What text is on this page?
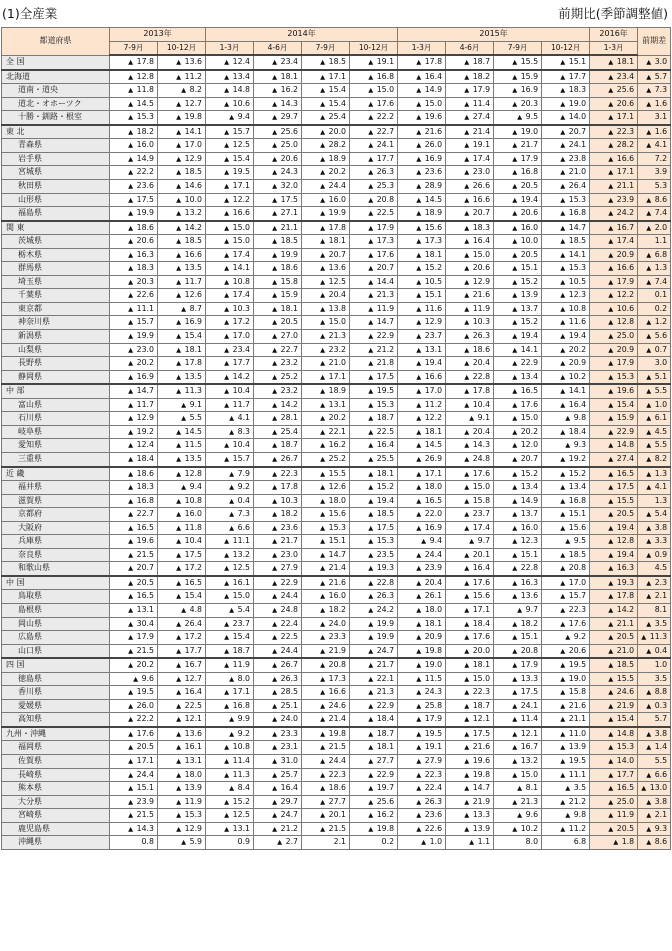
(1)全産業	前期比(季節調整値)
都道府県	2013年		2014年				2015年				2016年	前期差
	7-9月	10-12月	1-3月	4-6月	7-9月	10-12月	1-3月	4-6月	7-9月	10-12月	1-3月	
全 国	▲ 17.8	▲ 13.6	▲ 12.4	▲ 23.4	▲ 18.5	▲ 19.1	▲ 17.8	▲ 18.7	▲ 15.5	▲ 15.1	▲ 18.1	▲ 3.0
北海道	▲ 12.8	▲ 11.2	▲ 13.4	▲ 18.1	▲ 17.1	▲ 16.8	▲ 16.4	▲ 18.2	▲ 15.9	▲ 17.7	▲ 23.4	▲ 5.7
道南・道央	▲ 11.8	▲ 8.2	▲ 14.8	▲ 16.2	▲ 15.4	▲ 15.0	▲ 14.9	▲ 17.9	▲ 16.9	▲ 18.3	▲ 25.6	▲ 7.3
道北・オホーツク	▲ 14.5	▲ 12.7	▲ 10.6	▲ 14.3	▲ 15.4	▲ 17.6	▲ 15.0	▲ 11.4	▲ 20.3	▲ 19.0	▲ 20.6	▲ 1.6
十勝・釧路・根室	▲ 15.3	▲ 19.8	▲ 9.4	▲ 29.7	▲ 25.4	▲ 22.2	▲ 19.6	▲ 27.4	▲ 9.5	▲ 14.0	▲ 17.1	3.1
東 北	▲ 18.2	▲ 14.1	▲ 15.7	▲ 25.6	▲ 20.0	▲ 22.7	▲ 21.6	▲ 21.4	▲ 19.0	▲ 20.7	▲ 22.3	▲ 1.6
青森県	▲ 16.0	▲ 17.0	▲ 12.5	▲ 25.0	▲ 28.2	▲ 24.1	▲ 26.0	▲ 19.1	▲ 21.7	▲ 24.1	▲ 28.2	▲ 4.1
岩手県	▲ 14.9	▲ 12.9	▲ 15.4	▲ 20.6	▲ 18.9	▲ 17.7	▲ 16.9	▲ 17.4	▲ 17.9	▲ 23.8	▲ 16.6	7.2
宮城県	▲ 22.2	▲ 18.5	▲ 19.5	▲ 24.3	▲ 20.2	▲ 26.3	▲ 23.6	▲ 23.0	▲ 16.8	▲ 21.0	▲ 17.1	3.9
秋田県	▲ 23.6	▲ 14.6	▲ 17.1	▲ 32.0	▲ 24.4	▲ 25.3	▲ 28.9	▲ 26.6	▲ 20.5	▲ 26.4	▲ 21.1	5.3
山形県	▲ 17.5	▲ 10.0	▲ 12.2	▲ 17.5	▲ 16.0	▲ 20.8	▲ 14.5	▲ 16.6	▲ 19.4	▲ 15.3	▲ 23.9	▲ 8.6
福島県	▲ 19.9	▲ 13.2	▲ 16.6	▲ 27.1	▲ 19.9	▲ 22.5	▲ 18.9	▲ 20.7	▲ 20.6	▲ 16.8	▲ 24.2	▲ 7.4
関 東	▲ 18.6	▲ 14.2	▲ 15.0	▲ 21.1	▲ 17.8	▲ 17.9	▲ 15.6	▲ 18.3	▲ 16.0	▲ 14.7	▲ 16.7	▲ 2.0
茨城県	▲ 20.6	▲ 18.5	▲ 15.0	▲ 18.5	▲ 18.1	▲ 17.3	▲ 17.3	▲ 16.4	▲ 10.0	▲ 18.5	▲ 17.4	1.1
栃木県	▲ 16.3	▲ 16.6	▲ 17.4	▲ 19.9	▲ 20.7	▲ 17.6	▲ 18.1	▲ 15.0	▲ 20.5	▲ 14.1	▲ 20.9	▲ 6.8
群馬県	▲ 18.3	▲ 13.5	▲ 14.1	▲ 18.6	▲ 13.6	▲ 20.7	▲ 15.2	▲ 20.6	▲ 15.1	▲ 15.3	▲ 16.6	▲ 1.3
埼玉県	▲ 20.3	▲ 11.7	▲ 10.8	▲ 15.8	▲ 12.5	▲ 14.4	▲ 10.5	▲ 12.9	▲ 15.2	▲ 10.5	▲ 17.9	▲ 7.4
千葉県	▲ 22.6	▲ 12.6	▲ 17.4	▲ 15.9	▲ 20.4	▲ 21.3	▲ 15.1	▲ 21.6	▲ 13.9	▲ 12.3	▲ 12.2	0.1
東京都	▲ 11.1	▲ 8.7	▲ 10.3	▲ 18.1	▲ 13.8	▲ 11.9	▲ 11.6	▲ 11.9	▲ 13.7	▲ 10.8	▲ 10.6	0.2
神奈川県	▲ 15.7	▲ 16.9	▲ 17.2	▲ 20.5	▲ 15.0	▲ 14.7	▲ 12.9	▲ 10.3	▲ 15.2	▲ 11.6	▲ 12.8	▲ 1.2
新潟県	▲ 19.9	▲ 15.4	▲ 17.0	▲ 27.0	▲ 21.3	▲ 22.9	▲ 23.7	▲ 26.3	▲ 19.4	▲ 19.4	▲ 25.0	▲ 5.6
山梨県	▲ 23.0	▲ 18.1	▲ 23.4	▲ 22.7	▲ 23.2	▲ 21.2	▲ 13.1	▲ 18.6	▲ 14.1	▲ 20.2	▲ 20.9	▲ 0.7
長野県	▲ 20.2	▲ 17.8	▲ 17.7	▲ 23.2	▲ 21.0	▲ 21.8	▲ 19.4	▲ 20.4	▲ 22.9	▲ 20.9	▲ 17.9	3.0
静岡県	▲ 16.9	▲ 13.5	▲ 14.2	▲ 25.2	▲ 17.1	▲ 17.5	▲ 16.6	▲ 22.8	▲ 13.4	▲ 10.2	▲ 15.3	▲ 5.1
中 部	▲ 14.7	▲ 11.3	▲ 10.4	▲ 23.2	▲ 18.9	▲ 19.5	▲ 17.0	▲ 17.8	▲ 16.5	▲ 14.1	▲ 19.6	▲ 5.5
富山県	▲ 11.7	▲ 9.1	▲ 11.7	▲ 14.2	▲ 13.1	▲ 15.3	▲ 11.2	▲ 10.4	▲ 17.6	▲ 16.4	▲ 15.4	▲ 1.0
石川県	▲ 12.9	▲ 5.5	▲ 4.1	▲ 28.1	▲ 20.2	▲ 18.7	▲ 12.2	▲ 9.1	▲ 15.0	▲ 9.8	▲ 15.9	▲ 6.1
岐阜県	▲ 19.2	▲ 14.5	▲ 8.3	▲ 25.4	▲ 22.1	▲ 22.5	▲ 18.1	▲ 20.4	▲ 20.2	▲ 18.4	▲ 22.9	▲ 4.5
愛知県	▲ 12.4	▲ 11.5	▲ 10.4	▲ 18.7	▲ 16.2	▲ 16.4	▲ 14.5	▲ 14.3	▲ 12.0	▲ 9.3	▲ 14.8	▲ 5.5
三重県	▲ 18.4	▲ 13.5	▲ 15.7	▲ 26.7	▲ 25.2	▲ 25.5	▲ 26.9	▲ 24.8	▲ 20.7	▲ 19.2	▲ 27.4	▲ 8.2
近 畿	▲ 18.6	▲ 12.8	▲ 7.9	▲ 22.3	▲ 15.5	▲ 18.1	▲ 17.1	▲ 17.6	▲ 15.2	▲ 15.2	▲ 16.5	▲ 1.3
福井県	▲ 18.3	▲ 9.4	▲ 9.2	▲ 17.8	▲ 12.6	▲ 15.2	▲ 18.0	▲ 15.0	▲ 13.4	▲ 13.4	▲ 17.5	▲ 4.1
滋賀県	▲ 16.8	▲ 10.8	▲ 0.4	▲ 10.3	▲ 18.0	▲ 19.4	▲ 16.5	▲ 15.8	▲ 14.9	▲ 16.8	▲ 15.5	1.3
京都府	▲ 22.7	▲ 16.0	▲ 7.3	▲ 18.2	▲ 15.6	▲ 18.5	▲ 22.0	▲ 23.7	▲ 13.7	▲ 15.1	▲ 20.5	▲ 5.4
大阪府	▲ 16.5	▲ 11.8	▲ 6.6	▲ 23.6	▲ 15.3	▲ 17.5	▲ 16.9	▲ 17.4	▲ 16.0	▲ 15.6	▲ 19.4	▲ 3.8
兵庫県	▲ 19.6	▲ 10.4	▲ 11.1	▲ 21.7	▲ 15.1	▲ 15.3	▲ 9.4	▲ 9.7	▲ 12.3	▲ 9.5	▲ 12.8	▲ 3.3
奈良県	▲ 21.5	▲ 17.5	▲ 13.2	▲ 23.0	▲ 14.7	▲ 23.5	▲ 24.4	▲ 20.1	▲ 15.1	▲ 18.5	▲ 19.4	▲ 0.9
和歌山県	▲ 20.7	▲ 17.2	▲ 12.5	▲ 27.9	▲ 21.4	▲ 19.3	▲ 23.9	▲ 16.4	▲ 22.8	▲ 20.8	▲ 16.3	4.5
中 国	▲ 20.5	▲ 16.5	▲ 16.1	▲ 22.9	▲ 21.6	▲ 22.8	▲ 20.4	▲ 17.6	▲ 16.3	▲ 17.0	▲ 19.3	▲ 2.3
鳥取県	▲ 16.5	▲ 15.4	▲ 15.0	▲ 24.4	▲ 16.0	▲ 26.3	▲ 26.1	▲ 15.6	▲ 13.6	▲ 15.7	▲ 17.8	▲ 2.1
島根県	▲ 13.1	▲ 4.8	▲ 5.4	▲ 24.8	▲ 18.2	▲ 24.2	▲ 18.0	▲ 17.1	▲ 9.7	▲ 22.3	▲ 14.2	8.1
岡山県	▲ 30.4	▲ 26.4	▲ 23.7	▲ 22.4	▲ 24.0	▲ 19.9	▲ 18.1	▲ 18.4	▲ 18.2	▲ 17.6	▲ 21.1	▲ 3.5
広島県	▲ 17.9	▲ 17.2	▲ 15.4	▲ 22.5	▲ 23.3	▲ 19.9	▲ 20.9	▲ 17.6	▲ 15.1	▲ 9.2	▲ 20.5	▲ 11.3
山口県	▲ 21.5	▲ 17.7	▲ 18.7	▲ 24.4	▲ 21.9	▲ 24.7	▲ 19.8	▲ 20.0	▲ 20.8	▲ 20.6	▲ 21.0	▲ 0.4
四 国	▲ 20.2	▲ 16.7	▲ 11.9	▲ 26.7	▲ 20.8	▲ 21.7	▲ 19.0	▲ 18.1	▲ 17.9	▲ 19.5	▲ 18.5	1.0
徳島県	▲ 9.6	▲ 12.7	▲ 8.0	▲ 26.3	▲ 17.3	▲ 22.1	▲ 11.5	▲ 15.0	▲ 13.3	▲ 19.0	▲ 15.5	3.5
香川県	▲ 19.5	▲ 16.4	▲ 17.1	▲ 28.5	▲ 16.6	▲ 21.3	▲ 24.3	▲ 22.3	▲ 17.5	▲ 15.8	▲ 24.6	▲ 8.8
愛媛県	▲ 26.0	▲ 22.5	▲ 16.8	▲ 25.1	▲ 24.6	▲ 22.9	▲ 25.8	▲ 18.7	▲ 24.1	▲ 21.6	▲ 21.9	▲ 0.3
高知県	▲ 22.2	▲ 12.1	▲ 9.9	▲ 24.0	▲ 21.4	▲ 18.4	▲ 17.9	▲ 12.1	▲ 11.4	▲ 21.1	▲ 15.4	5.7
九州・沖縄	▲ 17.6	▲ 13.6	▲ 9.2	▲ 23.3	▲ 19.8	▲ 18.7	▲ 19.5	▲ 17.5	▲ 12.1	▲ 11.0	▲ 14.8	▲ 3.8
福岡県	▲ 20.5	▲ 16.1	▲ 10.8	▲ 23.1	▲ 21.5	▲ 18.1	▲ 19.1	▲ 21.6	▲ 16.7	▲ 13.9	▲ 15.3	▲ 1.4
佐賀県	▲ 17.1	▲ 13.1	▲ 11.4	▲ 31.0	▲ 24.4	▲ 27.7	▲ 27.9	▲ 19.6	▲ 13.2	▲ 19.5	▲ 14.0	5.5
長崎県	▲ 24.4	▲ 18.0	▲ 11.3	▲ 25.7	▲ 22.3	▲ 22.9	▲ 22.3	▲ 19.8	▲ 15.0	▲ 11.1	▲ 17.7	▲ 6.6
熊本県	▲ 15.1	▲ 13.9	▲ 8.4	▲ 16.4	▲ 18.6	▲ 19.7	▲ 22.4	▲ 14.7	▲ 8.1	▲ 3.5	▲ 16.5	▲ 13.0
大分県	▲ 23.9	▲ 11.9	▲ 15.2	▲ 29.7	▲ 27.7	▲ 25.6	▲ 26.3	▲ 21.9	▲ 21.3	▲ 21.2	▲ 25.0	▲ 3.8
宮崎県	▲ 21.5	▲ 15.3	▲ 12.5	▲ 24.7	▲ 20.1	▲ 16.2	▲ 23.6	▲ 13.3	▲ 9.6	▲ 9.8	▲ 11.9	▲ 2.1
鹿児島県	▲ 14.3	▲ 12.9	▲ 13.1	▲ 21.2	▲ 21.5	▲ 19.8	▲ 22.6	▲ 13.9	▲ 10.2	▲ 11.2	▲ 20.5	▲ 9.3
沖縄県	0.8	▲ 5.9	0.9	▲ 2.7	2.1	0.2	▲ 1.0	▲ 1.1	8.0	6.8	▲ 1.8	▲ 8.6
